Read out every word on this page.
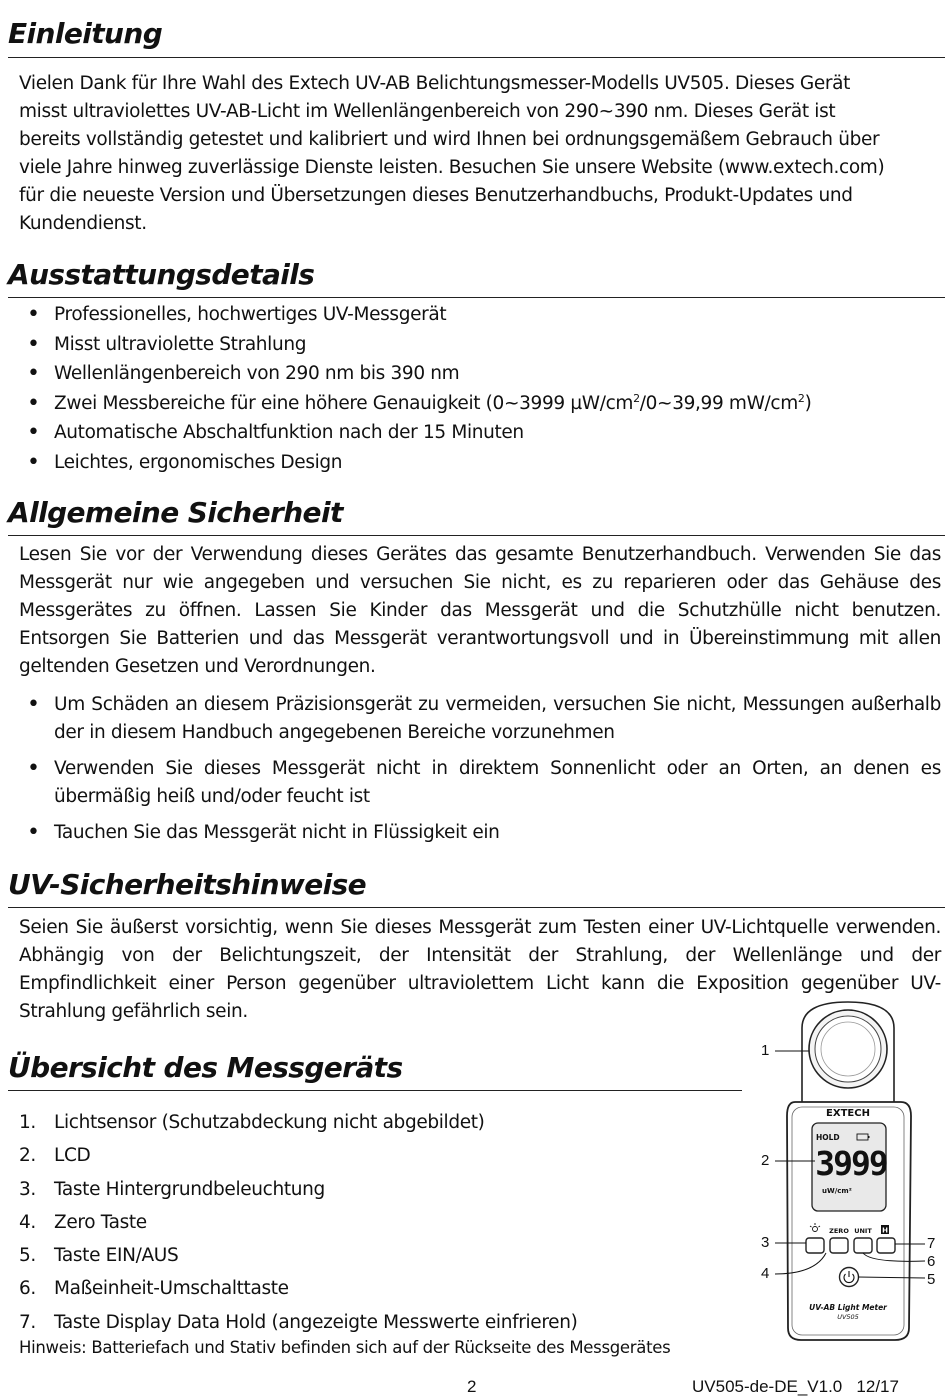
Einleitung
Vielen Dank für Ihre Wahl des Extech UV-AB Belichtungsmesser-Modells UV505. Dieses Gerät
misst ultraviolettes UV-AB-Licht im Wellenlängenbereich von 290~390 nm. Dieses Gerät ist
bereits vollständig getestet und kalibriert und wird Ihnen bei ordnungsgemäßem Gebrauch über
viele Jahre hinweg zuverlässige Dienste leisten. Besuchen Sie unsere Website (www.extech.com)
für die neueste Version und Übersetzungen dieses Benutzerhandbuchs, Produkt-Updates und
Kundendienst.
Ausstattungsdetails
• Professionelles, hochwertiges UV-Messgerät
• Misst ultraviolette Strahlung
• Wellenlängenbereich von 290 nm bis 390 nm
• Zwei Messbereiche für eine höhere Genauigkeit (0~3999 $\mu W/cm^2/0\sim 39,99$ $mW/cm^2$)
• Automatische Abschaltfunktion nach der 15 Minuten
• Leichtes, ergonomisches Design
Allgemeine Sicherheit

Lesen Sie vor der Verwendung dieses Gerätes das gesamte Benutzerhandbuch. Verwenden Sie das Messgerät nur wie angegeben und versuchen Sie nicht, es zu reparieren oder das Gehäuse des Messgerätes zu öffnen. Lassen Sie Kinder das Messgerät und die Schutzhülle nicht benutzen. Entsorgen Sie Batterien und das Messgerät verantwortungsvoll und in Übereinstimmung mit allen geltenden Gesetzen und Verordnungen.

• Um Schäden an diesem Präzisionsgerät zu vermeiden, versuchen Sie nicht, Messungen außerhalb der in diesem Handbuch angegebenen Bereiche vorzunehmen
• Verwenden Sie dieses Messgerät nicht in direktem Sonnenlicht oder an Orten, an denen es übermäßig heiß und/oder feucht ist
• Tauchen Sie das Messgerät nicht in Flüssigkeit ein
UV-Sicherheitshinweise

Seien Sie äußerst vorsichtig, wenn Sie dieses Messgerät zum Testen einer UV-Lichtquelle verwenden. Abhängig von der Belichtungszeit, der Intensität der Strahlung, der Wellenlänge und der Empfindlichkeit einer Person gegenüber ultraviolettem Licht kann die Exposition gegenüber UV-Strahlung gefährlich sein.

Übersicht des Messgeräts
1. Lichtsensor (Schutzabdeckung nicht abgebildet)
2. LCD
3. Taste Hintergrundbeleuchtung
4. Zero Taste
5. Taste EIN/AUS
6. Maßeinheit-Umschalttaste
7. Taste Display Data Hold (angezeigte Messwerte einfrieren)
Hinweis: Batteriefach und Stativ befinden sich auf der Rückseite des Messgerätes
EXTECH
HOLD
3999
uW/cm²
ZERO UNIT H
UV-AB Light Meter
UV505
1
2
3
4	5
6
7
2	UV505-de-DE_V1.0   12/17
